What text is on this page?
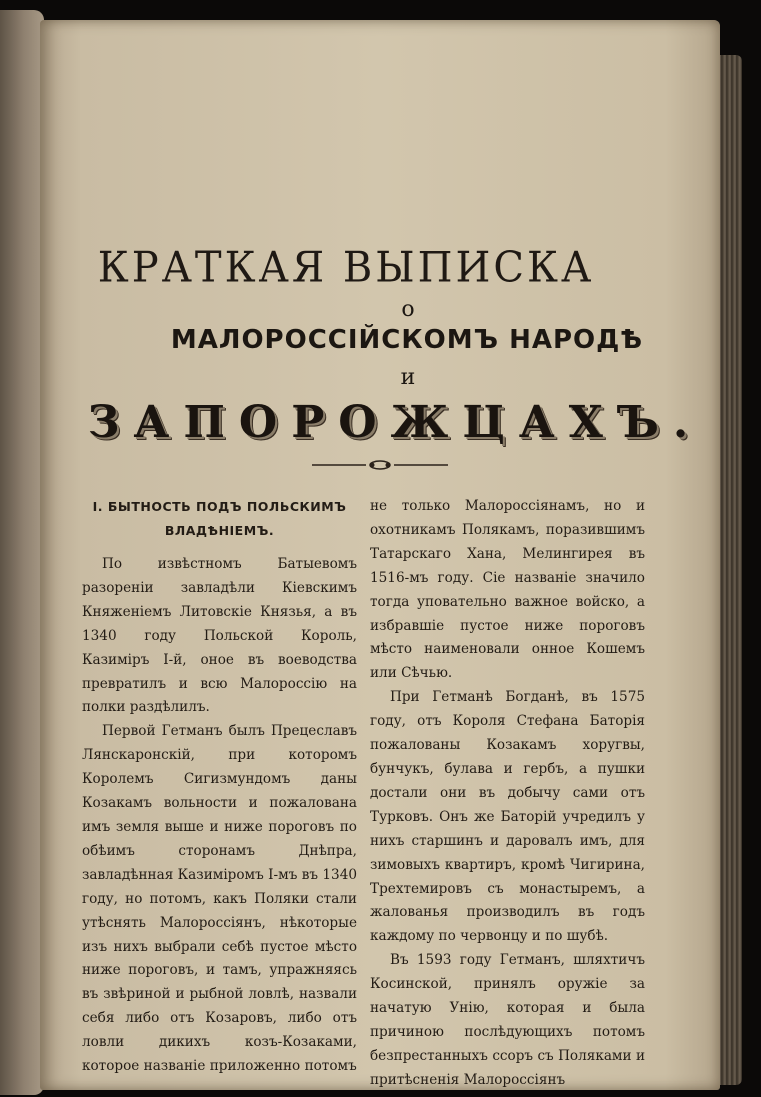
КРАТКАЯ ВЫПИСКА
о
МАЛОРОССІЙСКОМЪ НАРОДѢ
и
ЗАПОРОЖЦАХЪ.
I. БЫТНОСТЬ ПОДЪ ПОЛЬСКИМЪ ВЛАДѢНІЕМЪ.

По извѣстномъ Батыевомъ разореніи завладѣли Кіевскимъ Княженіемъ Литовскіе Князья, а въ 1340 году Польской Король, Казиміръ I-й, оное въ воеводства превратилъ и всю Малороссію на полки раздѣлилъ.

Первой Гетманъ былъ Прецеславъ Лянскаронскій, при которомъ Королемъ Сигизмундомъ даны Козакамъ вольности и пожалована имъ земля выше и ниже пороговъ по обѣимъ сторонамъ Днѣпра, завладѣнная Казиміромъ I-мъ въ 1340 году, но потомъ, какъ Поляки стали утѣснять Малороссіянъ, нѣкоторые изъ нихъ выбрали себѣ пустое мѣсто ниже пороговъ, и тамъ, упражняясь въ звѣриной и рыбной ловлѣ, назвали себя либо отъ Козаровъ, либо отъ ловли дикихъ козъ-Козаками, которое названіе приложенно потомъ

не только Малороссіянамъ, но и охотникамъ Полякамъ, поразившимъ Татарскаго Хана, Мелингирея въ 1516-мъ году. Сіе названіе значило тогда уповательно важное войско, а избравшіе пустое ниже пороговъ мѣсто наименовали онное Кошемъ или Сѣчью.

При Гетманѣ Богданѣ, въ 1575 году, отъ Короля Стефана Баторія пожалованы Козакамъ хоругвы, бунчукъ, булава и гербъ, а пушки достали они въ добычу сами отъ Турковъ. Онъ же Баторій учредилъ у нихъ старшинъ и даровалъ имъ, для зимовыхъ квартиръ, кромѣ Чигирина, Трехтемировъ съ монастыремъ, а жалованья производилъ въ годъ каждому по червонцу и по шубѣ.

Въ 1593 году Гетманъ, шляхтичъ Косинской, принялъ оружіе за начатую Унію, которая и была причиною послѣдующихъ потомъ безпрестанныхъ ссоръ съ Поляками и притѣсненія Малороссіянъ
